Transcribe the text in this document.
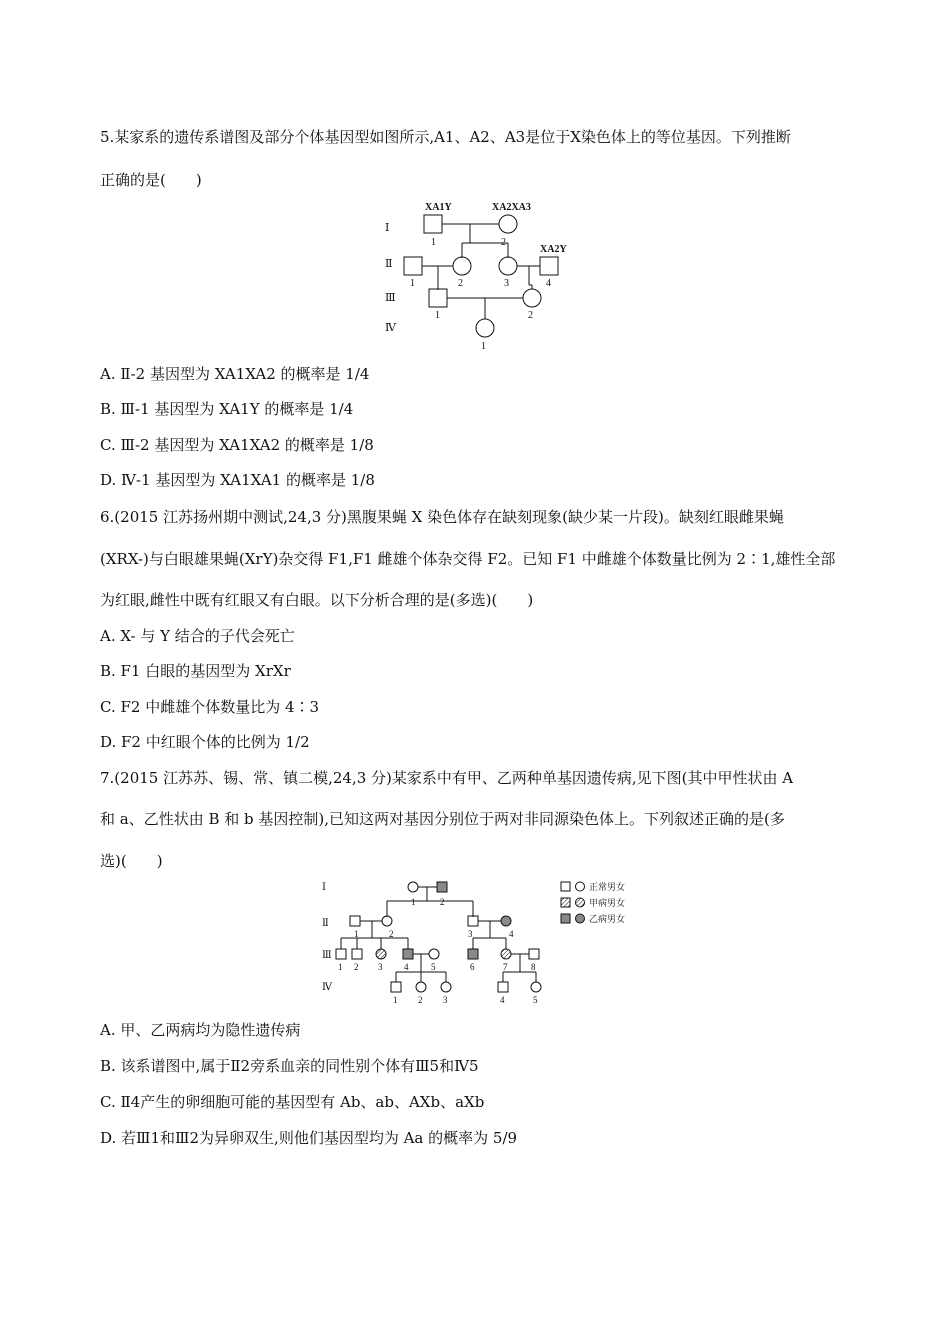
5.某家系的遗传系谱图及部分个体基因型如图所示,A1、A2、A3是位于X染色体上的等位基因。下列推断
正确的是(　　)
Ⅰ
Ⅱ
Ⅲ
Ⅳ
XA1Y	XA2XA3
1	2
XA2Y
1	2	3	4
1	2
1
A. Ⅱ-2 基因型为 XA1XA2 的概率是 1/4
B. Ⅲ-1 基因型为 XA1Y 的概率是 1/4
C. Ⅲ-2 基因型为 XA1XA2 的概率是 1/8
D. Ⅳ-1 基因型为 XA1XA1 的概率是 1/8
6.(2015 江苏扬州期中测试,24,3 分)黑腹果蝇 X 染色体存在缺刻现象(缺少某一片段)。缺刻红眼雌果蝇
(XRX-)与白眼雄果蝇(XrY)杂交得 F1,F1 雌雄个体杂交得 F2。已知 F1 中雌雄个体数量比例为 2∶1,雄性全部
为红眼,雌性中既有红眼又有白眼。以下分析合理的是(多选)(　　)
A. X- 与 Y 结合的子代会死亡
B. F1 白眼的基因型为 XrXr
C. F2 中雌雄个体数量比为 4∶3
D. F2 中红眼个体的比例为 1/2
7.(2015 江苏苏、锡、常、镇二模,24,3 分)某家系中有甲、乙两种单基因遗传病,见下图(其中甲性状由 A
和 a、乙性状由 B 和 b 基因控制),已知这两对基因分别位于两对非同源染色体上。下列叙述正确的是(多
选)(　　)
Ⅰ
Ⅱ
Ⅲ
Ⅳ
1	2
1	2	3	4
1 2 3 4	5	6	7	8
1 2 3	4	5
正常男女
甲病男女
乙病男女
A. 甲、乙两病均为隐性遗传病
B. 该系谱图中,属于Ⅱ2旁系血亲的同性别个体有Ⅲ5和Ⅳ5
C. Ⅱ4产生的卵细胞可能的基因型有 Ab、ab、AXb、aXb
D. 若Ⅲ1和Ⅲ2为异卵双生,则他们基因型均为 Aa 的概率为 5/9
